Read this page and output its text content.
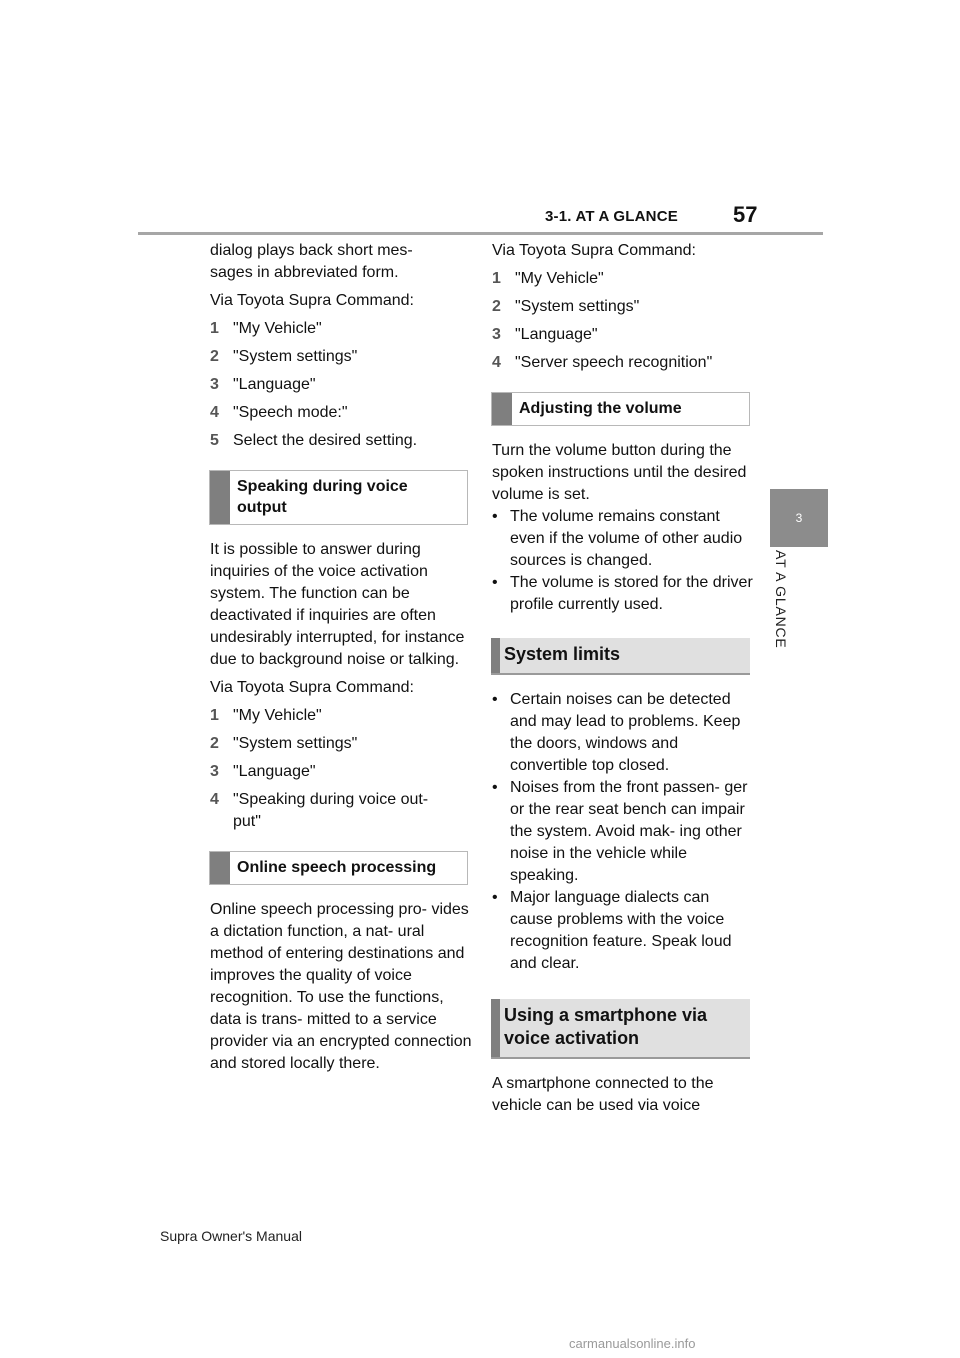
3-1. AT A GLANCE	57
3
AT A GLANCE

dialog plays back short mes-
sages in abbreviated form.

Via Toyota Supra Command:

1 "My Vehicle"
2 "System settings"
3 "Language"
4 "Speech mode:"
5 Select the desired setting.
Speaking during voice output

It is possible to answer during inquiries of the voice activation system. The function can be deactivated if inquiries are often undesirably interrupted, for instance due to background noise or talking.

Via Toyota Supra Command:

1 "My Vehicle"
2 "System settings"
3 "Language"
4 "Speaking during voice out-
put"
Online speech processing

Online speech processing pro- vides a dictation function, a nat- ural method of entering destinations and improves the quality of voice recognition. To use the functions, data is trans- mitted to a service provider via an encrypted connection and stored locally there.

Via Toyota Supra Command:

1 "My Vehicle"
2 "System settings"
3 "Language"
4 "Server speech recognition"
Adjusting the volume

Turn the volume button during the spoken instructions until the desired volume is set.

• The volume remains constant even if the volume of other audio sources is changed.
• The volume is stored for the driver profile currently used.
System limits
• Certain noises can be detected and may lead to problems. Keep the doors, windows and convertible top closed.
• Noises from the front passen- ger or the rear seat bench can impair the system. Avoid mak- ing other noise in the vehicle while speaking.
• Major language dialects can cause problems with the voice recognition feature. Speak loud and clear.
Using a smartphone via voice activation

A smartphone connected to the vehicle can be used via voice

Supra Owner's Manual
carmanualsonline.info
